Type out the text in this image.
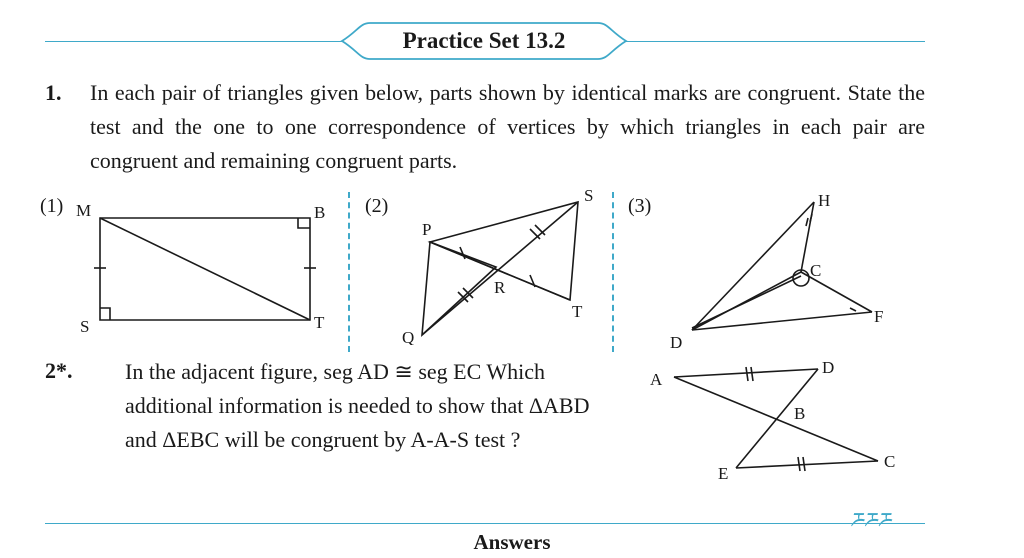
Practice Set 13.2
1. In each pair of triangles given below, parts shown by identical marks are congruent. State the test and the one to one correspondence of vertices by which triangles in each pair are congruent and remaining congruent parts.
(1) M	B
S	T
(2)
P
S
R
Q
T
(3)	H
C
D
F
2*. In the adjacent figure, seg AD ≅ seg EC Which additional information is needed to show that ΔABD and ΔEBC will be congruent by A-A-S test ?
A
D
B
E
C
ཬཬཬ
Answers
